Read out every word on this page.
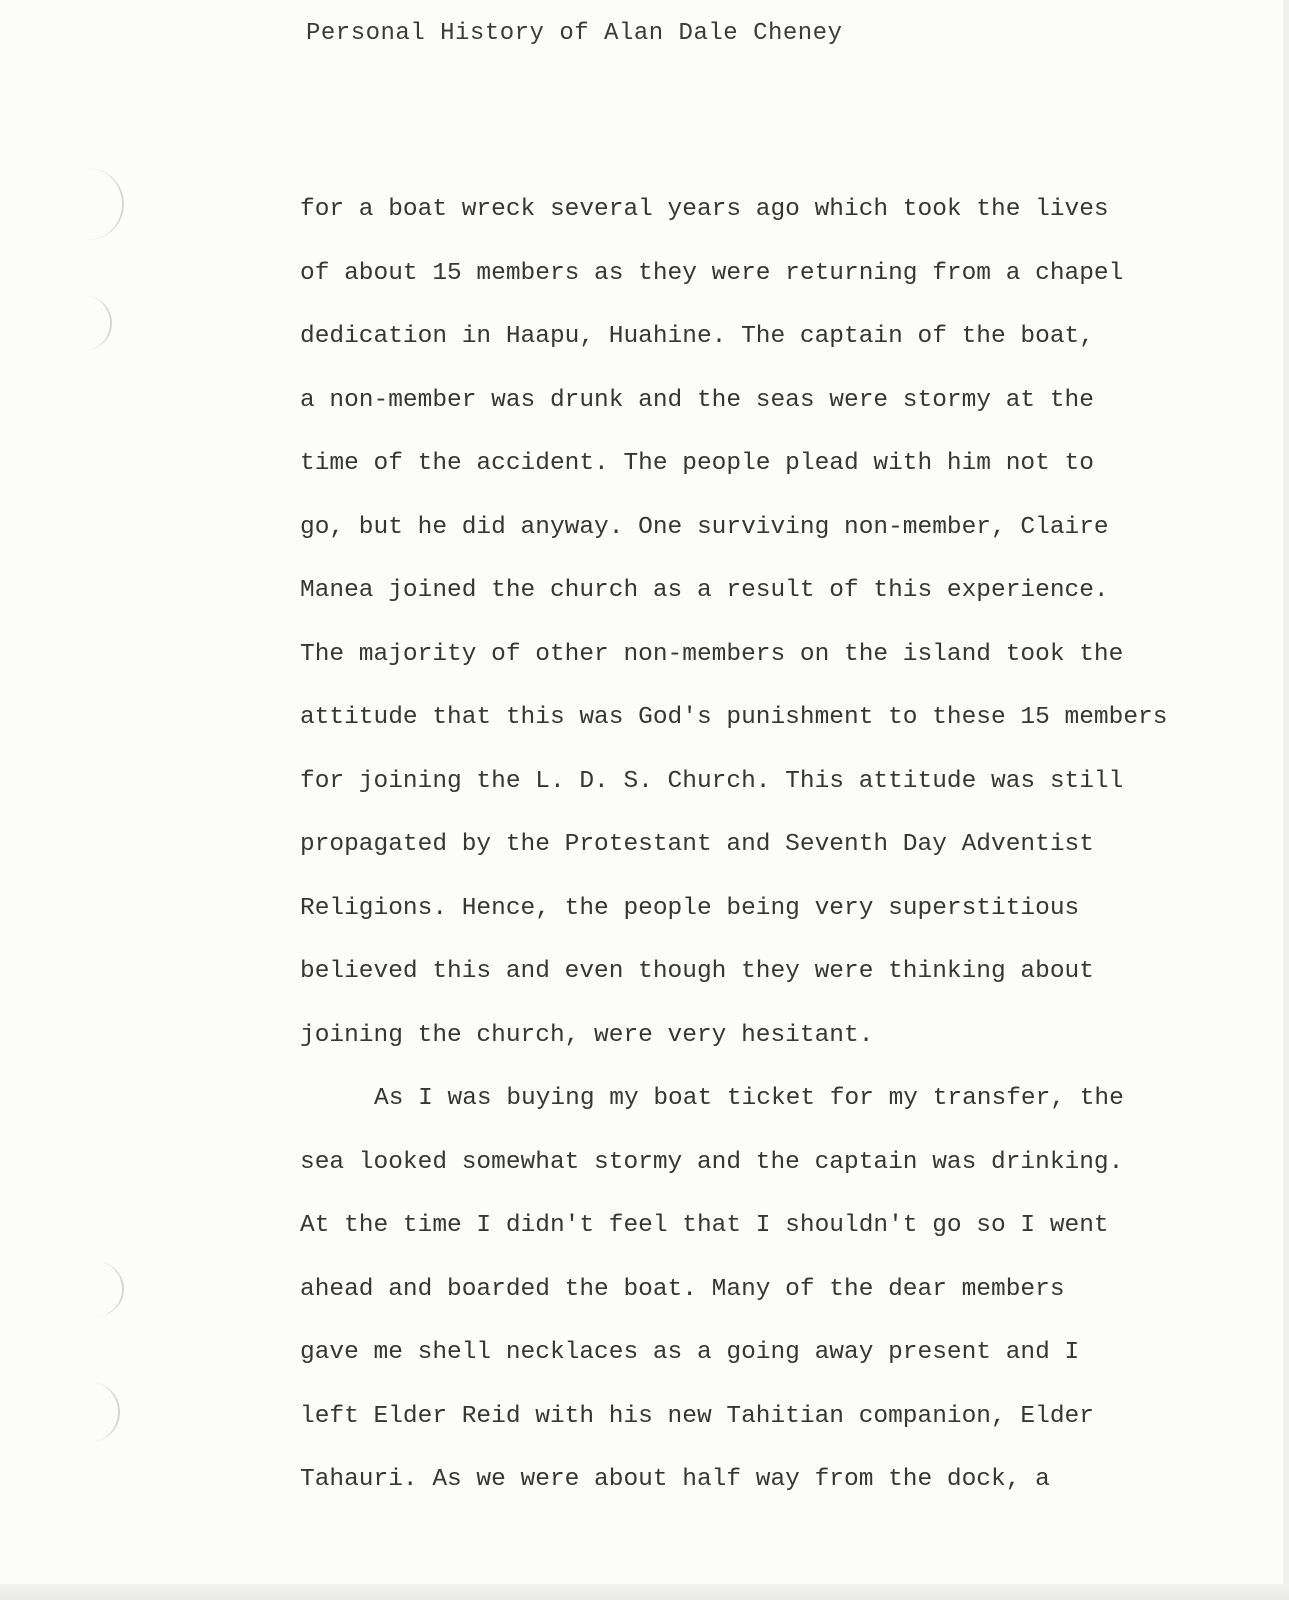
Personal History of Alan Dale Cheney
for a boat wreck several years ago which took the lives
of about 15 members as they were returning from a chapel
dedication in Haapu, Huahine. The captain of the boat,
a non-member was drunk and the seas were stormy at the
time of the accident. The people plead with him not to
go, but he did anyway. One surviving non-member, Claire
Manea joined the church as a result of this experience.
The majority of other non-members on the island took the
attitude that this was God's punishment to these 15 members
for joining the L. D. S. Church. This attitude was still
propagated by the Protestant and Seventh Day Adventist
Religions. Hence, the people being very superstitious
believed this and even though they were thinking about
joining the church, were very hesitant.
As I was buying my boat ticket for my transfer, the
sea looked somewhat stormy and the captain was drinking.
At the time I didn't feel that I shouldn't go so I went
ahead and boarded the boat. Many of the dear members
gave me shell necklaces as a going away present and I
left Elder Reid with his new Tahitian companion, Elder
Tahauri. As we were about half way from the dock, a
